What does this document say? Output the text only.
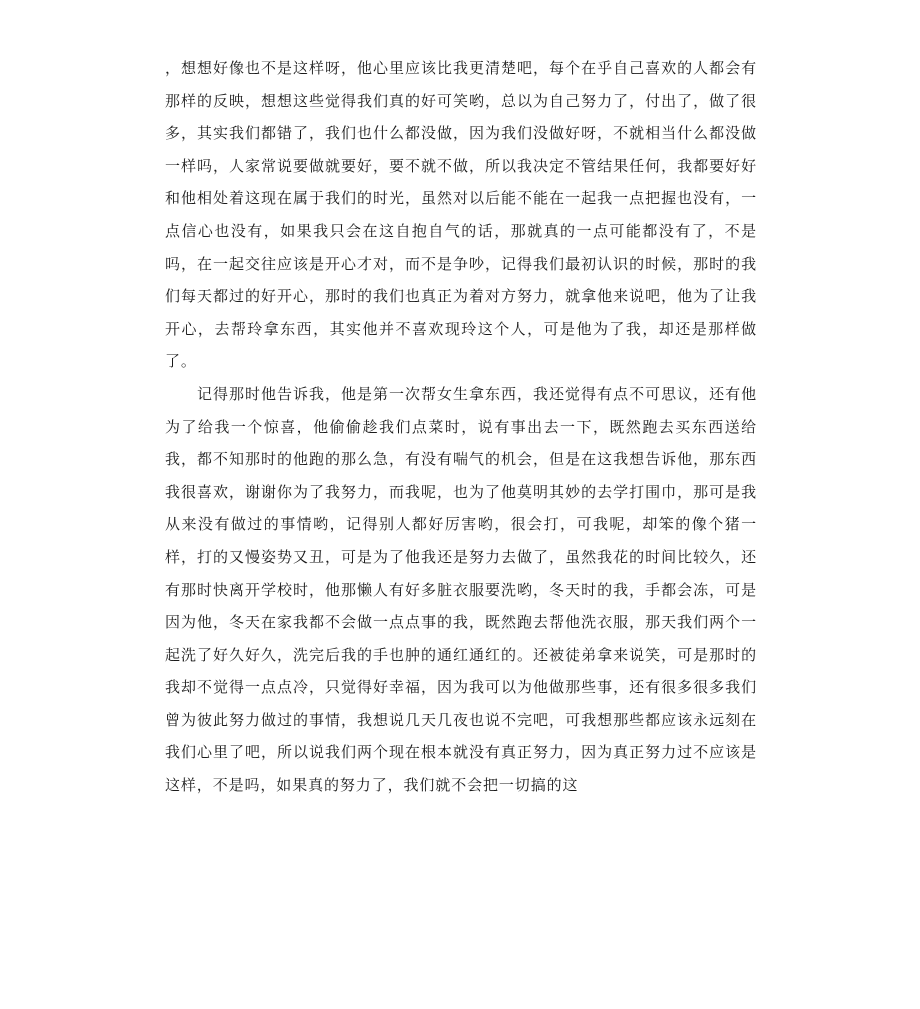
，想想好像也不是这样呀，他心里应该比我更清楚吧，每个在乎自己喜欢的人都会有那样的反映，想想这些觉得我们真的好可笑哟，总以为自己努力了，付出了，做了很多，其实我们都错了，我们也什么都没做，因为我们没做好呀，不就相当什么都没做一样吗，人家常说要做就要好，要不就不做，所以我决定不管结果任何，我都要好好和他相处着这现在属于我们的时光，虽然对以后能不能在一起我一点把握也没有，一点信心也没有，如果我只会在这自抱自气的话，那就真的一点可能都没有了，不是吗，在一起交往应该是开心才对，而不是争吵，记得我们最初认识的时候，那时的我们每天都过的好开心，那时的我们也真正为着对方努力，就拿他来说吧，他为了让我开心，去帮玲拿东西，其实他并不喜欢现玲这个人，可是他为了我，却还是那样做了。

记得那时他告诉我，他是第一次帮女生拿东西，我还觉得有点不可思议，还有他为了给我一个惊喜，他偷偷趁我们点菜时，说有事出去一下，既然跑去买东西送给我，都不知那时的他跑的那么急，有没有喘气的机会，但是在这我想告诉他，那东西我很喜欢，谢谢你为了我努力，而我呢，也为了他莫明其妙的去学打围巾，那可是我从来没有做过的事情哟，记得别人都好厉害哟，很会打，可我呢，却笨的像个猪一样，打的又慢姿势又丑，可是为了他我还是努力去做了，虽然我花的时间比较久，还有那时快离开学校时，他那懒人有好多脏衣服要洗哟，冬天时的我，手都会冻，可是因为他，冬天在家我都不会做一点点事的我，既然跑去帮他洗衣服，那天我们两个一起洗了好久好久，洗完后我的手也肿的通红通红的。还被徒弟拿来说笑，可是那时的我却不觉得一点点冷，只觉得好幸福，因为我可以为他做那些事，还有很多很多我们曾为彼此努力做过的事情，我想说几天几夜也说不完吧，可我想那些都应该永远刻在我们心里了吧，所以说我们两个现在根本就没有真正努力，因为真正努力过不应该是这样，不是吗，如果真的努力了，我们就不会把一切搞的这
